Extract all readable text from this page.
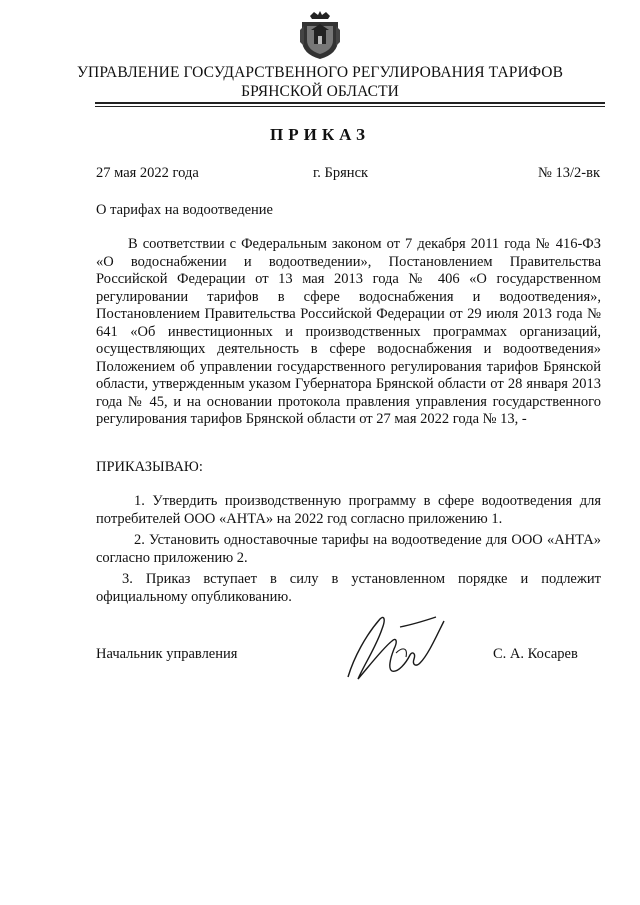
УПРАВЛЕНИЕ ГОСУДАРСТВЕННОГО РЕГУЛИРОВАНИЯ ТАРИФОВ
БРЯНСКОЙ ОБЛАСТИ
ПРИКАЗ
27 мая 2022 года	г. Брянск	№ 13/2-вк
О тарифах на водоотведение
В соответствии с Федеральным законом от 7 декабря 2011 года № 416-ФЗ «О водоснабжении и водоотведении», Постановлением Правительства Российской Федерации от 13 мая 2013 года № 406 «О государственном регулировании тарифов в сфере водоснабжения и водоотведения», Постановлением Правительства Российской Федерации от 29 июля 2013 года № 641 «Об инвестиционных и производственных программах организаций, осуществляющих деятельность в сфере водоснабжения и водоотведения» Положением об управлении государственного регулирования тарифов Брянской области, утвержденным указом Губернатора Брянской области от 28 января 2013 года № 45, и на основании протокола правления управления государственного регулирования тарифов Брянской области от 27 мая 2022 года № 13, -
ПРИКАЗЫВАЮ:

1. Утвердить производственную программу в сфере водоотведения для потребителей ООО «АНТА» на 2022 год согласно приложению 1.

2. Установить одноставочные тарифы на водоотведение для ООО «АНТА» согласно приложению 2.

3. Приказ вступает в силу в установленном порядке и подлежит официальному опубликованию.

Начальник управления	С. А. Косарев
